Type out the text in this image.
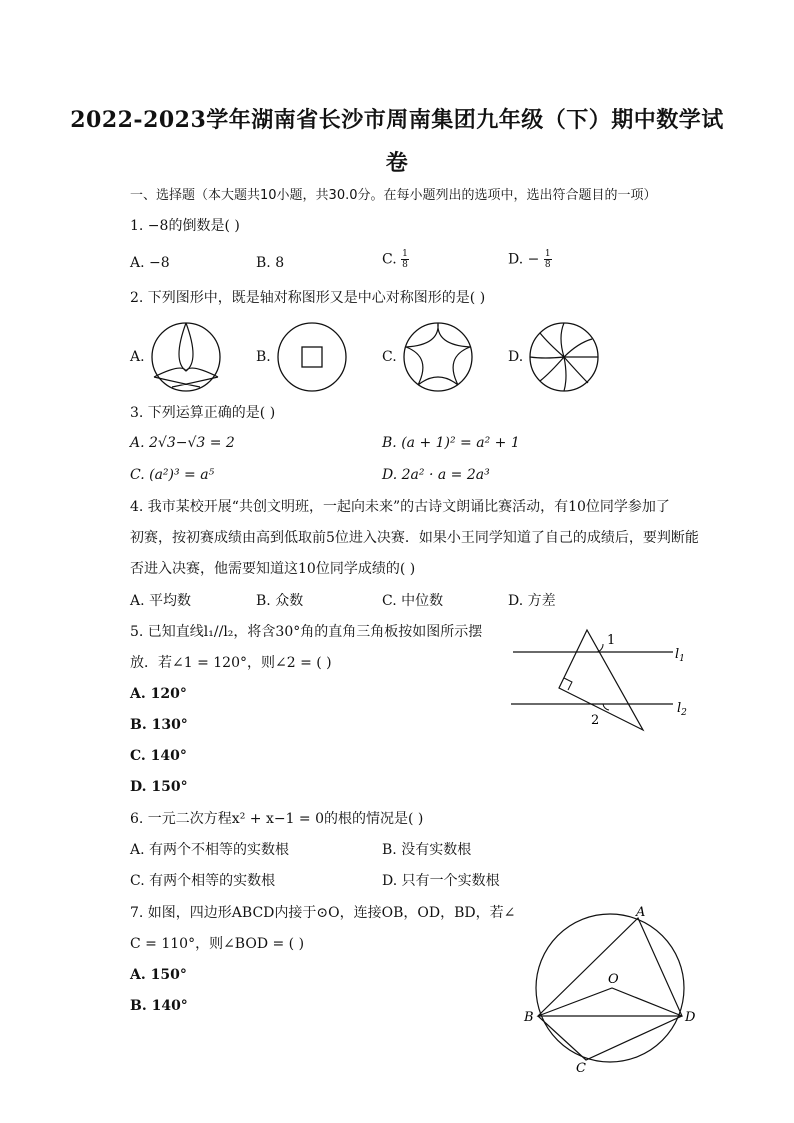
2022-2023学年湖南省长沙市周南集团九年级（下）期中数学试
卷
一、选择题（本大题共10小题，共30.0分。在每小题列出的选项中，选出符合题目的一项）
1. −8的倒数是( )
A. −8	B. 8	C. $\frac{1}{8}$	D. − $\frac{1}{8}$
2. 下列图形中，既是轴对称图形又是中心对称图形的是( )
A.	B.	C.	D.
3. 下列运算正确的是( )
A. 2√3−√3 = 2	B. (a + 1)² = a² + 1
C. (a²)³ = a⁵	D. 2a² · a = 2a³
4. 我市某校开展“共创文明班，一起向未来”的古诗文朗诵比赛活动，有10位同学参加了
初赛，按初赛成绩由高到低取前5位进入决赛．如果小王同学知道了自己的成绩后，要判断能
否进入决赛，他需要知道这10位同学成绩的( )
A. 平均数	B. 众数	C. 中位数	D. 方差
5. 已知直线l₁//l₂，将含30°角的直角三角板按如图所示摆
放．若∠1 = 120°，则∠2 = ( )
A. 120°
B. 130°
C. 140°
D. 150°
1
2
$l_1$
$l_2$
6. 一元二次方程x² + x−1 = 0的根的情况是( )
A. 有两个不相等的实数根	B. 没有实数根
C. 有两个相等的实数根	D. 只有一个实数根
7. 如图，四边形ABCD内接于⊙O，连接OB，OD，BD，若∠
C = 110°，则∠BOD = ( )
A. 150°
B. 140°
A
B
C
D
O
